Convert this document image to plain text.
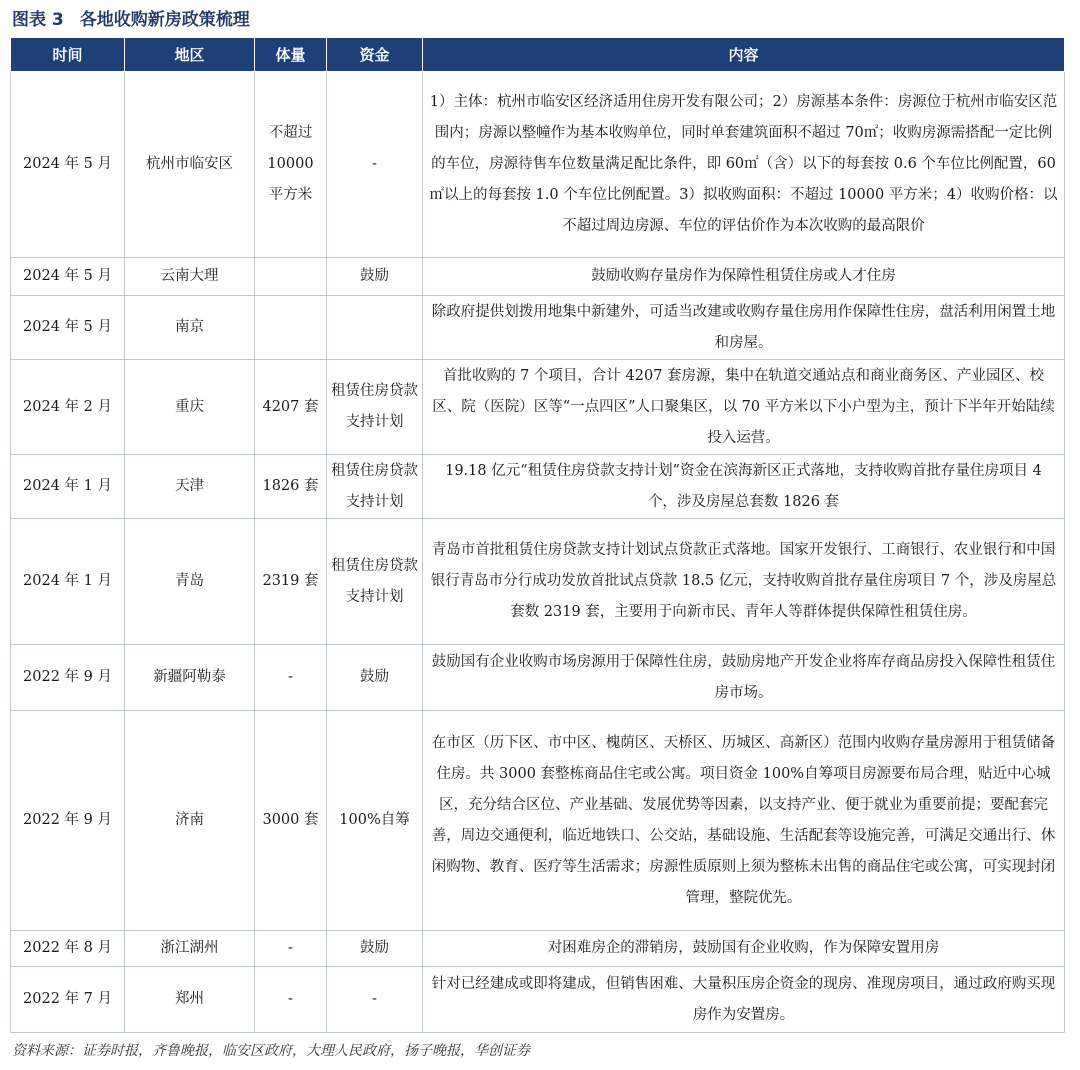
图表 3 各地收购新房政策梳理
时间	地区	体量	资金	内容
2024 年 5 月	杭州市临安区	不超过10000平方米	-	1）主体：杭州市临安区经济适用住房开发有限公司；2）房源基本条件：房源位于杭州市临安区范围内；房源以整幢作为基本收购单位，同时单套建筑面积不超过 70㎡；收购房源需搭配一定比例的车位，房源待售车位数量满足配比条件，即 60㎡（含）以下的每套按 0.6 个车位比例配置，60㎡以上的每套按 1.0 个车位比例配置。3）拟收购面积：不超过 10000 平方米；4）收购价格：以不超过周边房源、车位的评估价作为本次收购的最高限价
2024 年 5 月	云南大理		鼓励	鼓励收购存量房作为保障性租赁住房或人才住房
2024 年 5 月	南京			除政府提供划拨用地集中新建外，可适当改建或收购存量住房用作保障性住房，盘活利用闲置土地和房屋。
2024 年 2 月	重庆	4207 套	租赁住房贷款支持计划	首批收购的 7 个项目，合计 4207 套房源，集中在轨道交通站点和商业商务区、产业园区、校区、院（医院）区等“一点四区”人口聚集区，以 70 平方米以下小户型为主，预计下半年开始陆续投入运营。
2024 年 1 月	天津	1826 套	租赁住房贷款支持计划	19.18 亿元“租赁住房贷款支持计划”资金在滨海新区正式落地，支持收购首批存量住房项目 4 个，涉及房屋总套数 1826 套
2024 年 1 月	青岛	2319 套	租赁住房贷款支持计划	青岛市首批租赁住房贷款支持计划试点贷款正式落地。国家开发银行、工商银行、农业银行和中国银行青岛市分行成功发放首批试点贷款 18.5 亿元，支持收购首批存量住房项目 7 个，涉及房屋总套数 2319 套，主要用于向新市民、青年人等群体提供保障性租赁住房。
2022 年 9 月	新疆阿勒泰	-	鼓励	鼓励国有企业收购市场房源用于保障性住房，鼓励房地产开发企业将库存商品房投入保障性租赁住房市场。
2022 年 9 月	济南	3000 套	100%自筹	在市区（历下区、市中区、槐荫区、天桥区、历城区、高新区）范围内收购存量房源用于租赁储备住房。共 3000 套整栋商品住宅或公寓。项目资金 100%自筹项目房源要布局合理，贴近中心城区，充分结合区位、产业基础、发展优势等因素，以支持产业、便于就业为重要前提；要配套完善，周边交通便利，临近地铁口、公交站，基础设施、生活配套等设施完善，可满足交通出行、休闲购物、教育、医疗等生活需求；房源性质原则上须为整栋未出售的商品住宅或公寓，可实现封闭管理，整院优先。
2022 年 8 月	浙江湖州	-	鼓励	对困难房企的滞销房，鼓励国有企业收购，作为保障安置用房
2022 年 7 月	郑州	-	-	针对已经建成或即将建成，但销售困难、大量积压房企资金的现房、准现房项目，通过政府购买现房作为安置房。
资料来源：证券时报，齐鲁晚报，临安区政府，大理人民政府，扬子晚报，华创证券
